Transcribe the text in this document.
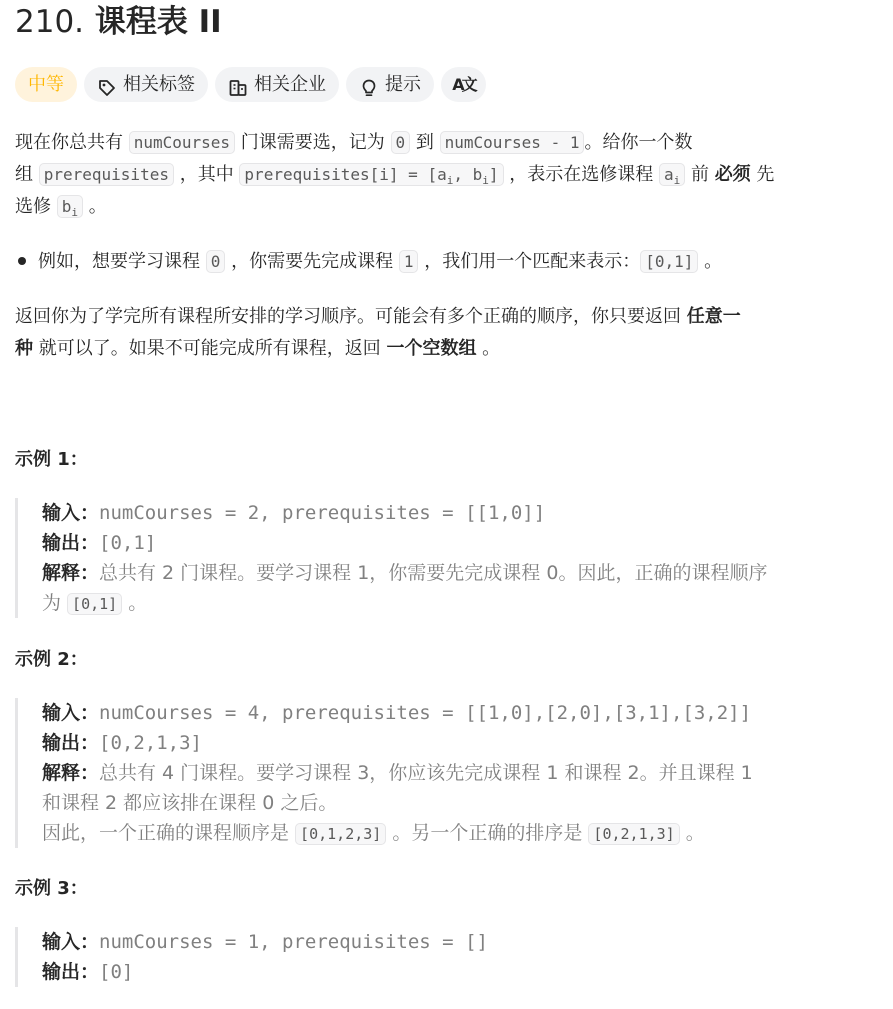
210. 课程表 II
中等	相关标签	相关企业	提示 A文
现在你总共有 numCourses 门课需要选，记为 0 到 numCourses - 1 。给你一个数
组 prerequisites ，其中 prerequisites[i] = [$a_i$, $b_i$] ，表示在选修课程 $a_i$ 前 必须 先
选修 $b_i$ 。
例如，想要学习课程 0 ，你需要先完成课程 1 ，我们用一个匹配来表示： [0,1] 。
返回你为了学完所有课程所安排的学习顺序。可能会有多个正确的顺序，你只要返回 任意一
种 就可以了。如果不可能完成所有课程，返回 一个空数组 。
示例 1：
输入：numCourses = 2, prerequisites = [[1,0]]
输出：[0,1]
解释：总共有 2 门课程。要学习课程 1，你需要先完成课程 0。因此，正确的课程顺序
为 [0,1] 。
示例 2：
输入：numCourses = 4, prerequisites = [[1,0],[2,0],[3,1],[3,2]]
输出：[0,2,1,3]
解释：总共有 4 门课程。要学习课程 3，你应该先完成课程 1 和课程 2。并且课程 1
和课程 2 都应该排在课程 0 之后。
因此，一个正确的课程顺序是 [0,1,2,3] 。另一个正确的排序是 [0,2,1,3] 。
示例 3：
输入：numCourses = 1, prerequisites = []
输出：[0]
